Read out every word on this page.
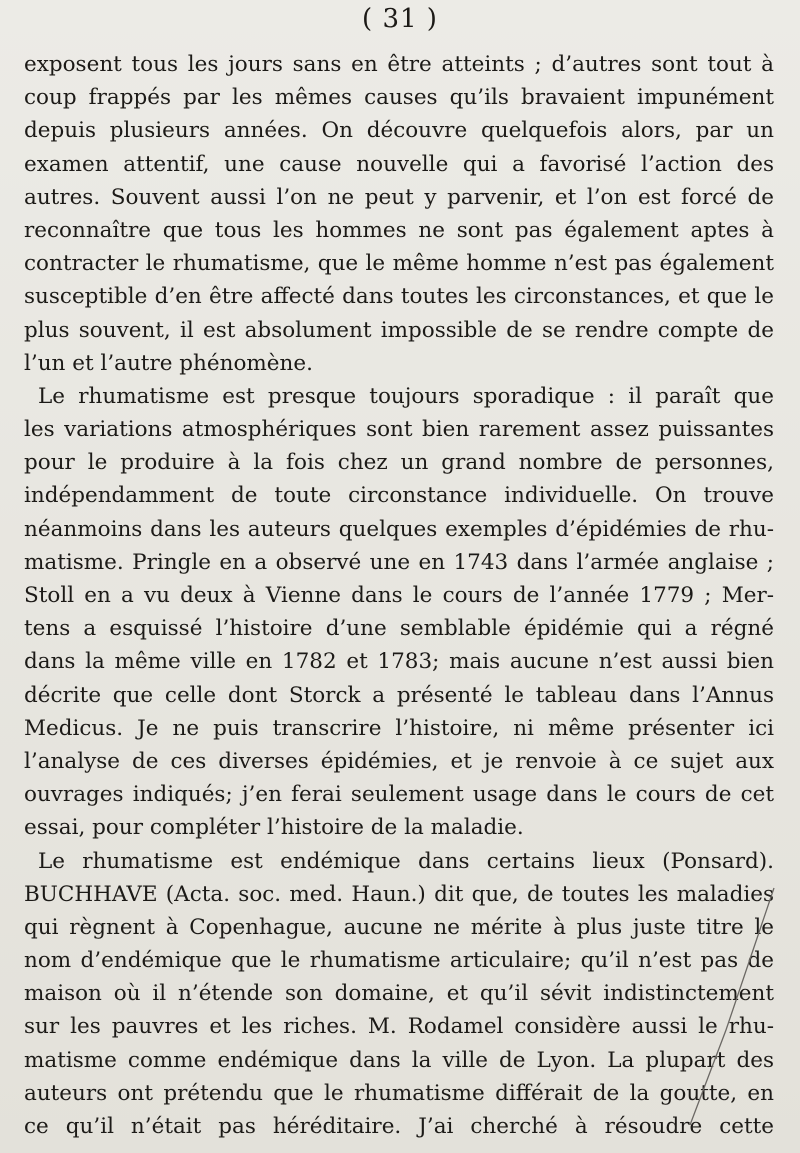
( 31 )
exposent tous les jours sans en être atteints ; d’autres sont tout à
coup frappés par les mêmes causes qu’ils bravaient impunément
depuis plusieurs années. On découvre quelquefois alors, par un
examen attentif, une cause nouvelle qui a favorisé l’action des
autres. Souvent aussi l’on ne peut y parvenir, et l’on est forcé de
reconnaître que tous les hommes ne sont pas également aptes à
contracter le rhumatisme, que le même homme n’est pas également
susceptible d’en être affecté dans toutes les circonstances, et que le
plus souvent, il est absolument impossible de se rendre compte de
l’un et l’autre phénomène.
Le rhumatisme est presque toujours sporadique : il paraît que
les variations atmosphériques sont bien rarement assez puissantes
pour le produire à la fois chez un grand nombre de personnes,
indépendamment de toute circonstance individuelle. On trouve
néanmoins dans les auteurs quelques exemples d’épidémies de rhu-
matisme. Pringle en a observé une en 1743 dans l’armée anglaise ;
Stoll en a vu deux à Vienne dans le cours de l’année 1779 ; Mer-
tens a esquissé l’histoire d’une semblable épidémie qui a régné
dans la même ville en 1782 et 1783; mais aucune n’est aussi bien
décrite que celle dont Storck a présenté le tableau dans l’Annus
Medicus. Je ne puis transcrire l’histoire, ni même présenter ici
l’analyse de ces diverses épidémies, et je renvoie à ce sujet aux
ouvrages indiqués; j’en ferai seulement usage dans le cours de cet
essai, pour compléter l’histoire de la maladie.
Le rhumatisme est endémique dans certains lieux (Ponsard).
BUCHHAVE (Acta. soc. med. Haun.) dit que, de toutes les maladies
qui règnent à Copenhague, aucune ne mérite à plus juste titre le
nom d’endémique que le rhumatisme articulaire; qu’il n’est pas de
maison où il n’étende son domaine, et qu’il sévit indistinctement
sur les pauvres et les riches. M. Rodamel considère aussi le rhu-
matisme comme endémique dans la ville de Lyon. La plupart des
auteurs ont prétendu que le rhumatisme différait de la goutte, en
ce qu’il n’était pas héréditaire. J’ai cherché à résoudre cette
